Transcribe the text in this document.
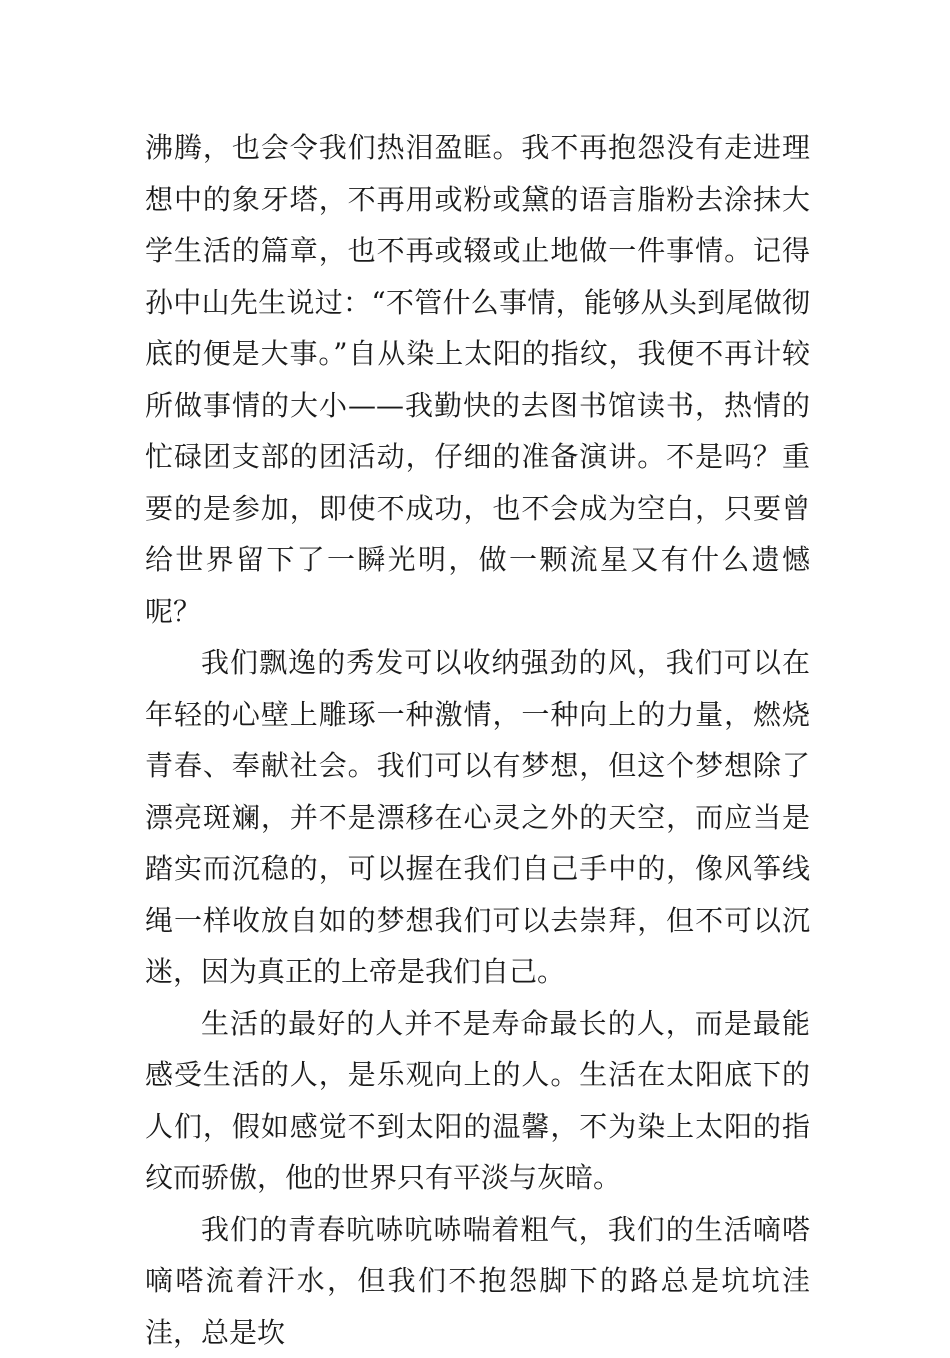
沸腾，也会令我们热泪盈眶。我不再抱怨没有走进理想中的象牙塔，不再用或粉或黛的语言脂粉去涂抹大学生活的篇章，也不再或辍或止地做一件事情。记得孙中山先生说过：“不管什么事情，能够从头到尾做彻底的便是大事。”自从染上太阳的指纹，我便不再计较所做事情的大小——我勤快的去图书馆读书，热情的忙碌团支部的团活动，仔细的准备演讲。不是吗？重要的是参加，即使不成功，也不会成为空白，只要曾给世界留下了一瞬光明，做一颗流星又有什么遗憾呢？

我们飘逸的秀发可以收纳强劲的风，我们可以在年轻的心壁上雕琢一种激情，一种向上的力量，燃烧青春、奉献社会。我们可以有梦想，但这个梦想除了漂亮斑斓，并不是漂移在心灵之外的天空，而应当是踏实而沉稳的，可以握在我们自己手中的，像风筝线绳一样收放自如的梦想我们可以去崇拜，但不可以沉迷，因为真正的上帝是我们自己。

生活的最好的人并不是寿命最长的人，而是最能感受生活的人，是乐观向上的人。生活在太阳底下的人们，假如感觉不到太阳的温馨，不为染上太阳的指纹而骄傲，他的世界只有平淡与灰暗。

我们的青春吭哧吭哧喘着粗气，我们的生活嘀嗒嘀嗒流着汗水，但我们不抱怨脚下的路总是坑坑洼洼，总是坎
